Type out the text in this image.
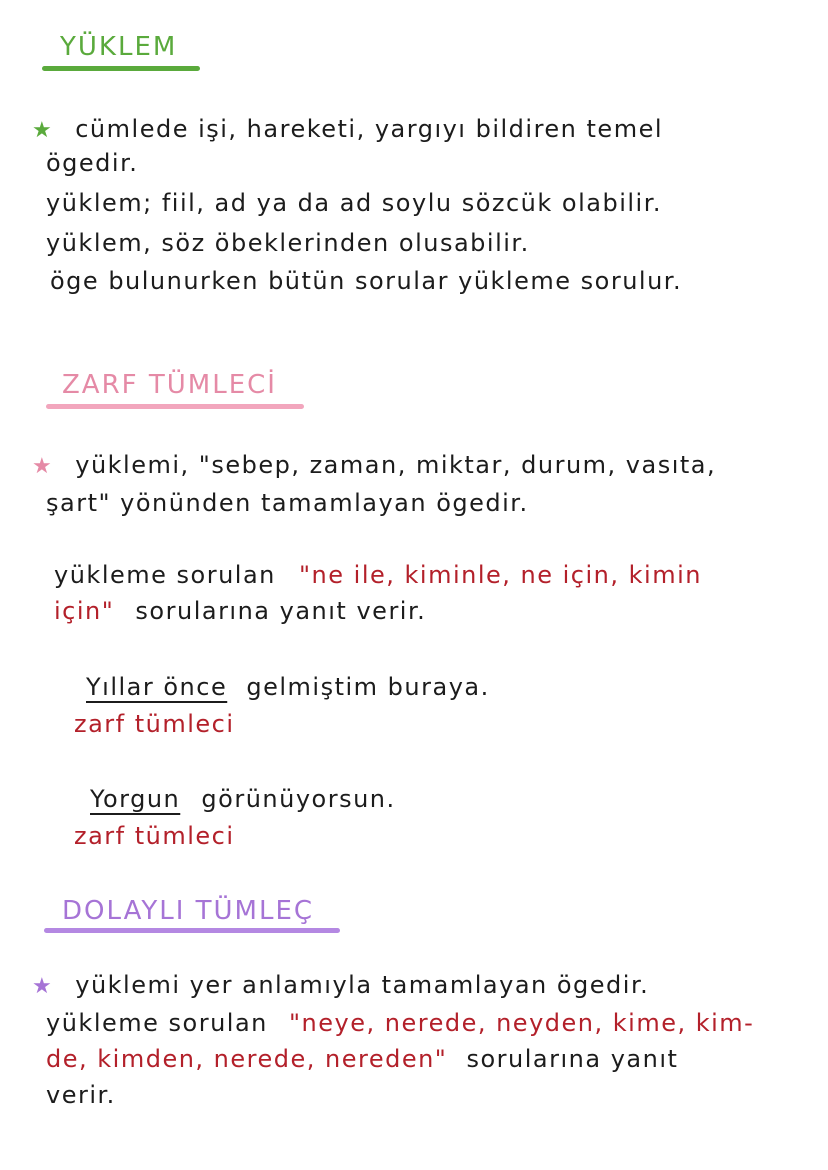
YÜKLEM
★ cümlede işi, hareketi, yargıyı bildiren temel
ögedir.
yüklem; fiil, ad ya da ad soylu sözcük olabilir.
yüklem, söz öbeklerinden olusabilir.
öge bulunurken bütün sorular yükleme sorulur.
ZARF TÜMLECİ
★ yüklemi, "sebep, zaman, miktar, durum, vasıta,
şart" yönünden tamamlayan ögedir.
yükleme sorulan "ne ile, kiminle, ne için, kimin
için" sorularına yanıt verir.
Yıllar önce gelmiştim buraya.
zarf tümleci
Yorgun görünüyorsun.
zarf tümleci
DOLAYLI TÜMLEÇ
★ yüklemi yer anlamıyla tamamlayan ögedir.
yükleme sorulan "neye, nerede, neyden, kime, kim-
de, kimden, nerede, nereden" sorularına yanıt
verir.
